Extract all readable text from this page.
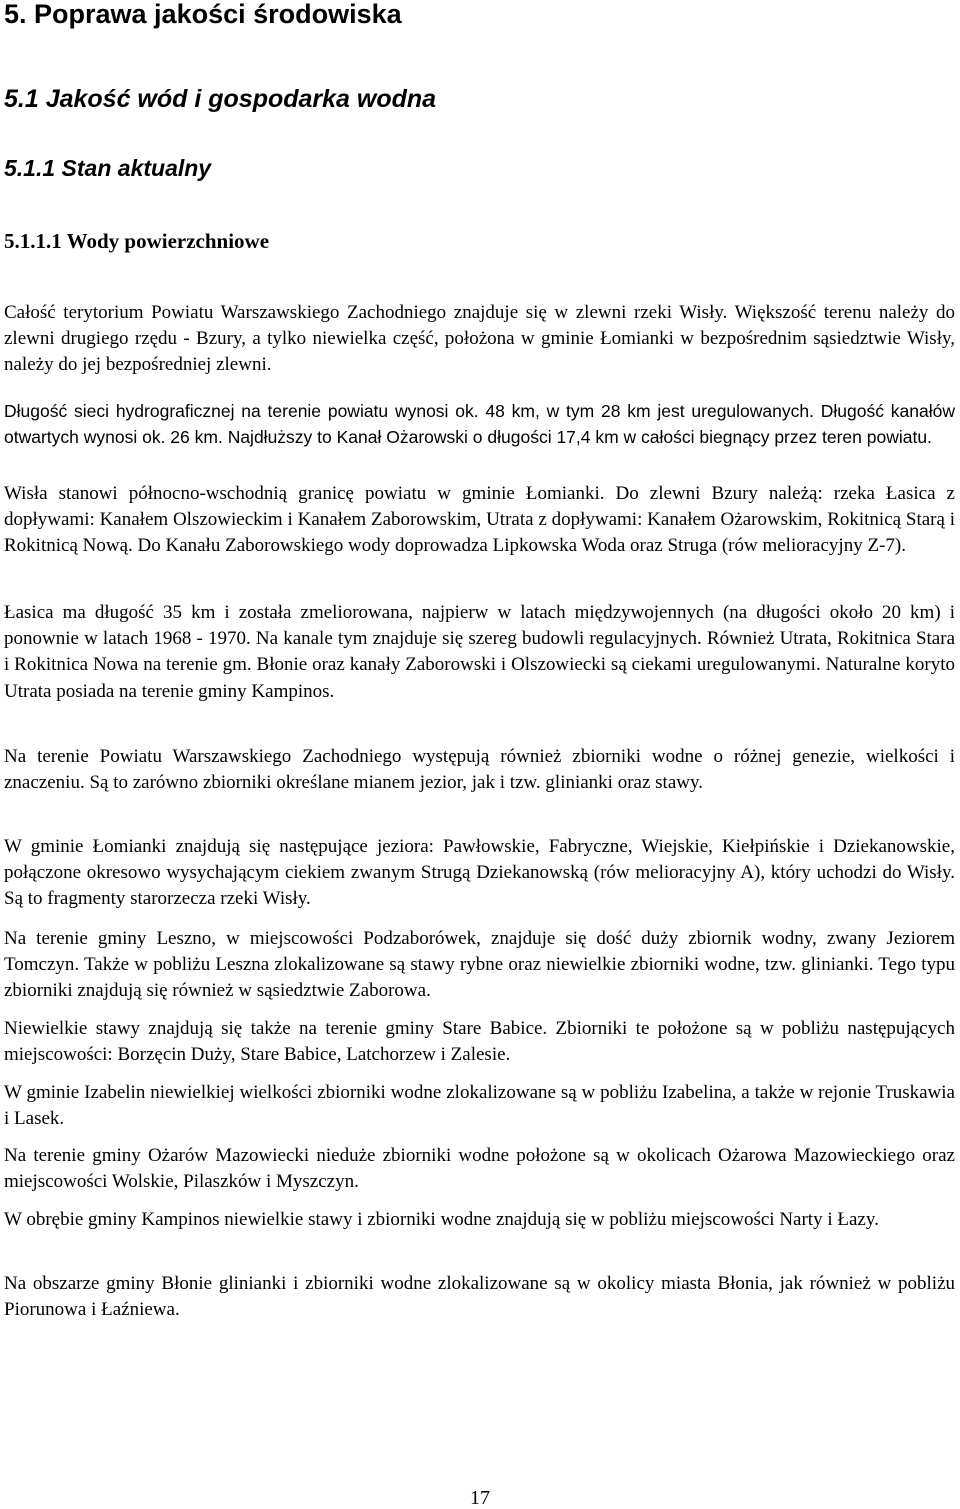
5. Poprawa jakości środowiska
5.1 Jakość wód i gospodarka wodna
5.1.1 Stan aktualny
5.1.1.1 Wody powierzchniowe

Całość terytorium Powiatu Warszawskiego Zachodniego znajduje się w zlewni rzeki Wisły. Większość terenu należy do zlewni drugiego rzędu - Bzury, a tylko niewielka część, położona w gminie Łomianki w bezpośrednim sąsiedztwie Wisły, należy do jej bezpośredniej zlewni.

Długość sieci hydrograficznej na terenie powiatu wynosi ok. 48 km, w tym 28 km jest uregulowanych. Długość kanałów otwartych wynosi ok. 26 km. Najdłuższy to Kanał Ożarowski o długości 17,4 km w całości biegnący przez teren powiatu.

Wisła stanowi północno-wschodnią granicę powiatu w gminie Łomianki. Do zlewni Bzury należą: rzeka Łasica z dopływami: Kanałem Olszowieckim i Kanałem Zaborowskim, Utrata z dopływami: Kanałem Ożarowskim, Rokitnicą Starą i Rokitnicą Nową. Do Kanału Zaborowskiego wody doprowadza Lipkowska Woda oraz Struga (rów melioracyjny Z-7).

Łasica ma długość 35 km i została zmeliorowana, najpierw w latach międzywojennych (na długości około 20 km) i ponownie w latach 1968 - 1970. Na kanale tym znajduje się szereg budowli regulacyjnych. Również Utrata, Rokitnica Stara i Rokitnica Nowa na terenie gm. Błonie oraz kanały Zaborowski i Olszowiecki są ciekami uregulowanymi. Naturalne koryto Utrata posiada na terenie gminy Kampinos.

Na terenie Powiatu Warszawskiego Zachodniego występują również zbiorniki wodne o różnej genezie, wielkości i znaczeniu. Są to zarówno zbiorniki określane mianem jezior, jak i tzw. glinianki oraz stawy.

W gminie Łomianki znajdują się następujące jeziora: Pawłowskie, Fabryczne, Wiejskie, Kiełpińskie i Dziekanowskie, połączone okresowo wysychającym ciekiem zwanym Strugą Dziekanowską (rów melioracyjny A), który uchodzi do Wisły. Są to fragmenty starorzecza rzeki Wisły.

Na terenie gminy Leszno, w miejscowości Podzaborówek, znajduje się dość duży zbiornik wodny, zwany Jeziorem Tomczyn. Także w pobliżu Leszna zlokalizowane są stawy rybne oraz niewielkie zbiorniki wodne, tzw. glinianki. Tego typu zbiorniki znajdują się również w sąsiedztwie Zaborowa.

Niewielkie stawy znajdują się także na terenie gminy Stare Babice. Zbiorniki te położone są w pobliżu następujących miejscowości: Borzęcin Duży, Stare Babice, Latchorzew i Zalesie.

W gminie Izabelin niewielkiej wielkości zbiorniki wodne zlokalizowane są w pobliżu Izabelina, a także w rejonie Truskawia i Lasek.

Na terenie gminy Ożarów Mazowiecki nieduże zbiorniki wodne położone są w okolicach Ożarowa Mazowieckiego oraz miejscowości Wolskie, Pilaszków i Myszczyn.

W obrębie gminy Kampinos niewielkie stawy i zbiorniki wodne znajdują się w pobliżu miejscowości Narty i Łazy.

Na obszarze gminy Błonie glinianki i zbiorniki wodne zlokalizowane są w okolicy miasta Błonia, jak również w pobliżu Piorunowa i Łaźniewa.

17
